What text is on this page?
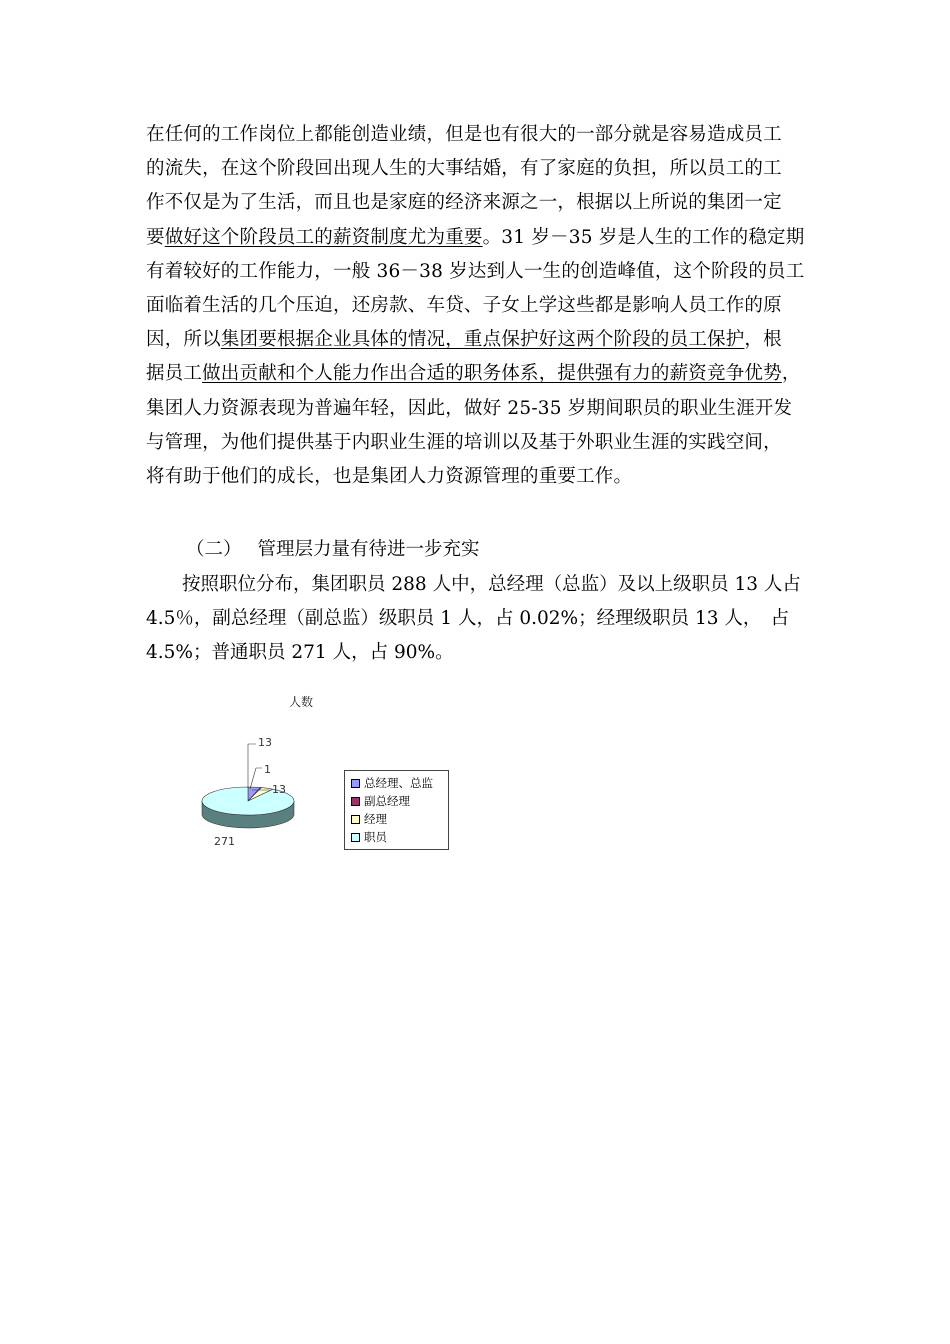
在任何的工作岗位上都能创造业绩，但是也有很大的一部分就是容易造成员工
的流失，在这个阶段回出现人生的大事结婚，有了家庭的负担，所以员工的工
作不仅是为了生活，而且也是家庭的经济来源之一，根据以上所说的集团一定
要做好这个阶段员工的薪资制度尤为重要。31 岁－35 岁是人生的工作的稳定期
有着较好的工作能力，一般 36－38 岁达到人一生的创造峰值，这个阶段的员工
面临着生活的几个压迫，还房款、车贷、子女上学这些都是影响人员工作的原
因，所以集团要根据企业具体的情况，重点保护好这两个阶段的员工保护，根
据员工做出贡献和个人能力作出合适的职务体系，提供强有力的薪资竞争优势，
集团人力资源表现为普遍年轻，因此，做好 25-35 岁期间职员的职业生涯开发
与管理，为他们提供基于内职业生涯的培训以及基于外职业生涯的实践空间，
将有助于他们的成长，也是集团人力资源管理的重要工作。
（二） 管理层力量有待进一步充实
按照职位分布，集团职员 288 人中，总经理（总监）及以上级职员 13 人占
4.5％，副总经理（副总监）级职员 1 人，占 0.02%；经理级职员 13 人，　占
4.5%；普通职员 271 人，占 90%。
13
1
13
271
人数
总经理、总监
副总经理
经理
职员
